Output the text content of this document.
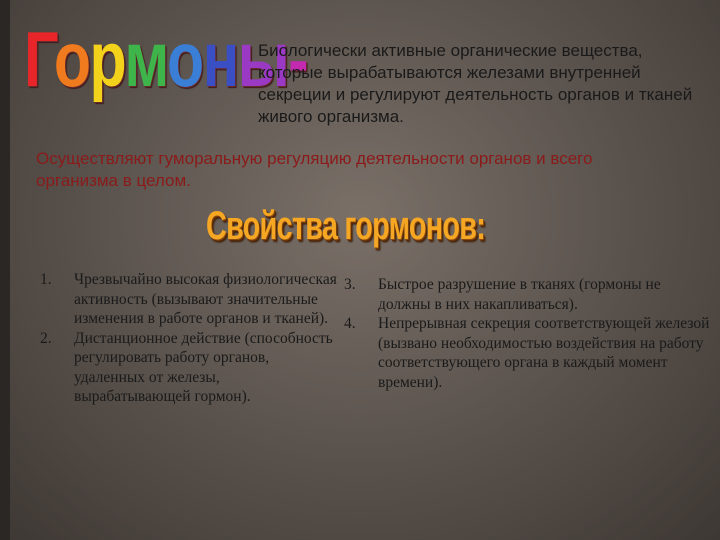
Гормоны-
Биологически активные органические вещества, которые вырабатываются железами внутренней секреции и регулируют деятельность органов и тканей живого организма.
Осуществляют гуморальную регуляцию деятельности органов и всего организма в целом.
Свойства гормонов:
1.	Чрезвычайно высокая физиологическая активность (вызывают значительные изменения в работе органов и тканей).
2.	Дистанционное действие (способность регулировать работу органов, удаленных от железы, вырабатывающей гормон).
3.	Быстрое разрушение в тканях (гормоны не должны в них накапливаться).
4.	Непрерывная секреция соответствующей железой (вызвано необходимостью воздействия на работу соответствующего органа в каждый момент времени).
